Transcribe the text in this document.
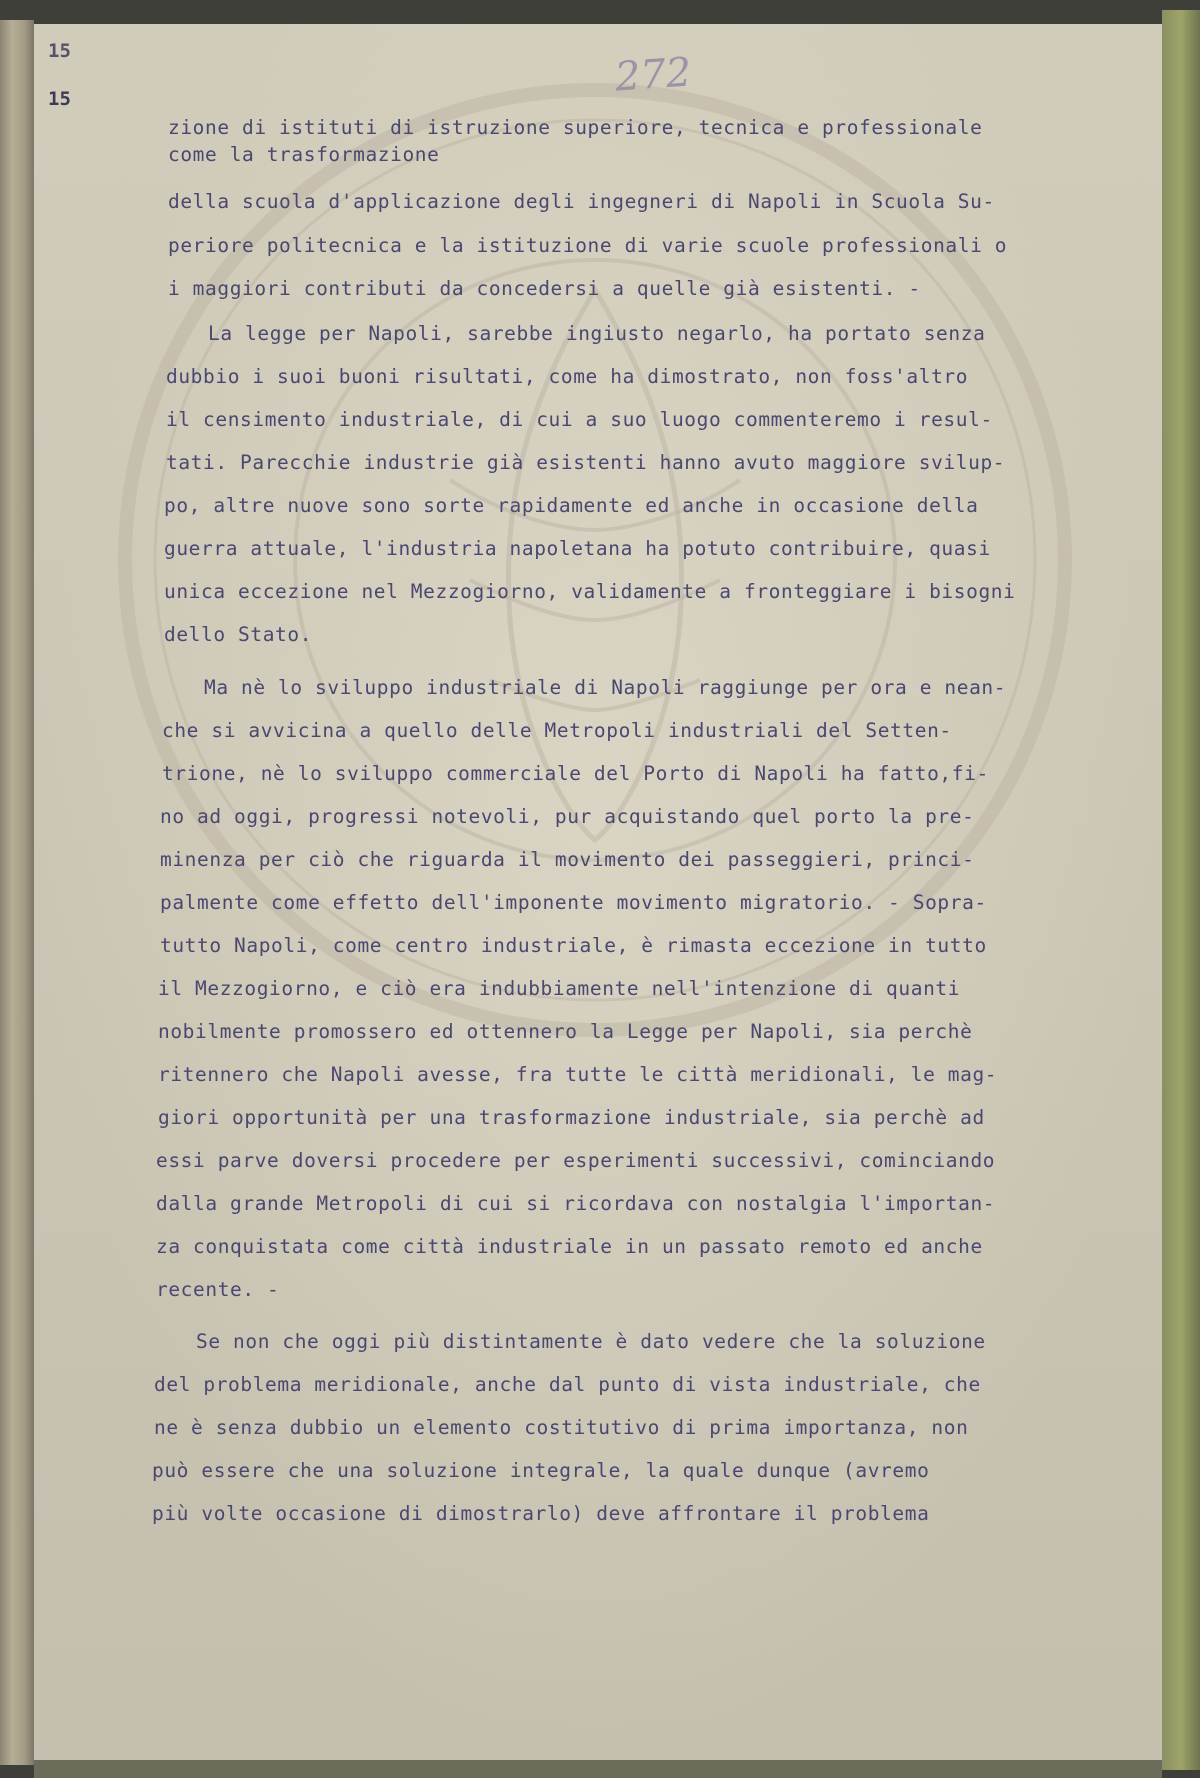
15
15	272
zione di istituti di istruzione superiore, tecnica e professionale
come la trasformazione
della scuola d'applicazione degli ingegneri di Napoli in Scuola Su-
periore politecnica e la istituzione di varie scuole professionali o
i maggiori contributi da concedersi a quelle già esistenti. -
La legge per Napoli, sarebbe ingiusto negarlo, ha portato senza
dubbio i suoi buoni risultati, come ha dimostrato, non foss'altro
il censimento industriale, di cui a suo luogo commenteremo i resul-
tati. Parecchie industrie già esistenti hanno avuto maggiore svilup-
po, altre nuove sono sorte rapidamente ed anche in occasione della
guerra attuale, l'industria napoletana ha potuto contribuire, quasi
unica eccezione nel Mezzogiorno, validamente a fronteggiare i bisogni
dello Stato.
Ma nè lo sviluppo industriale di Napoli raggiunge per ora e nean-
che si avvicina a quello delle Metropoli industriali del Setten-
trione, nè lo sviluppo commerciale del Porto di Napoli ha fatto,fi-
no ad oggi, progressi notevoli, pur acquistando quel porto la pre-
minenza per ciò che riguarda il movimento dei passeggieri, princi-
palmente come effetto dell'imponente movimento migratorio. - Sopra-
tutto Napoli, come centro industriale, è rimasta eccezione in tutto
il Mezzogiorno, e ciò era indubbiamente nell'intenzione di quanti
nobilmente promossero ed ottennero la Legge per Napoli, sia perchè
ritennero che Napoli avesse, fra tutte le città meridionali, le mag-
giori opportunità per una trasformazione industriale, sia perchè ad
essi parve doversi procedere per esperimenti successivi, cominciando
dalla grande Metropoli di cui si ricordava con nostalgia l'importan-
za conquistata come città industriale in un passato remoto ed anche
recente. -
Se non che oggi più distintamente è dato vedere che la soluzione
del problema meridionale, anche dal punto di vista industriale, che
ne è senza dubbio un elemento costitutivo di prima importanza, non
può essere che una soluzione integrale, la quale dunque (avremo
più volte occasione di dimostrarlo) deve affrontare il problema
